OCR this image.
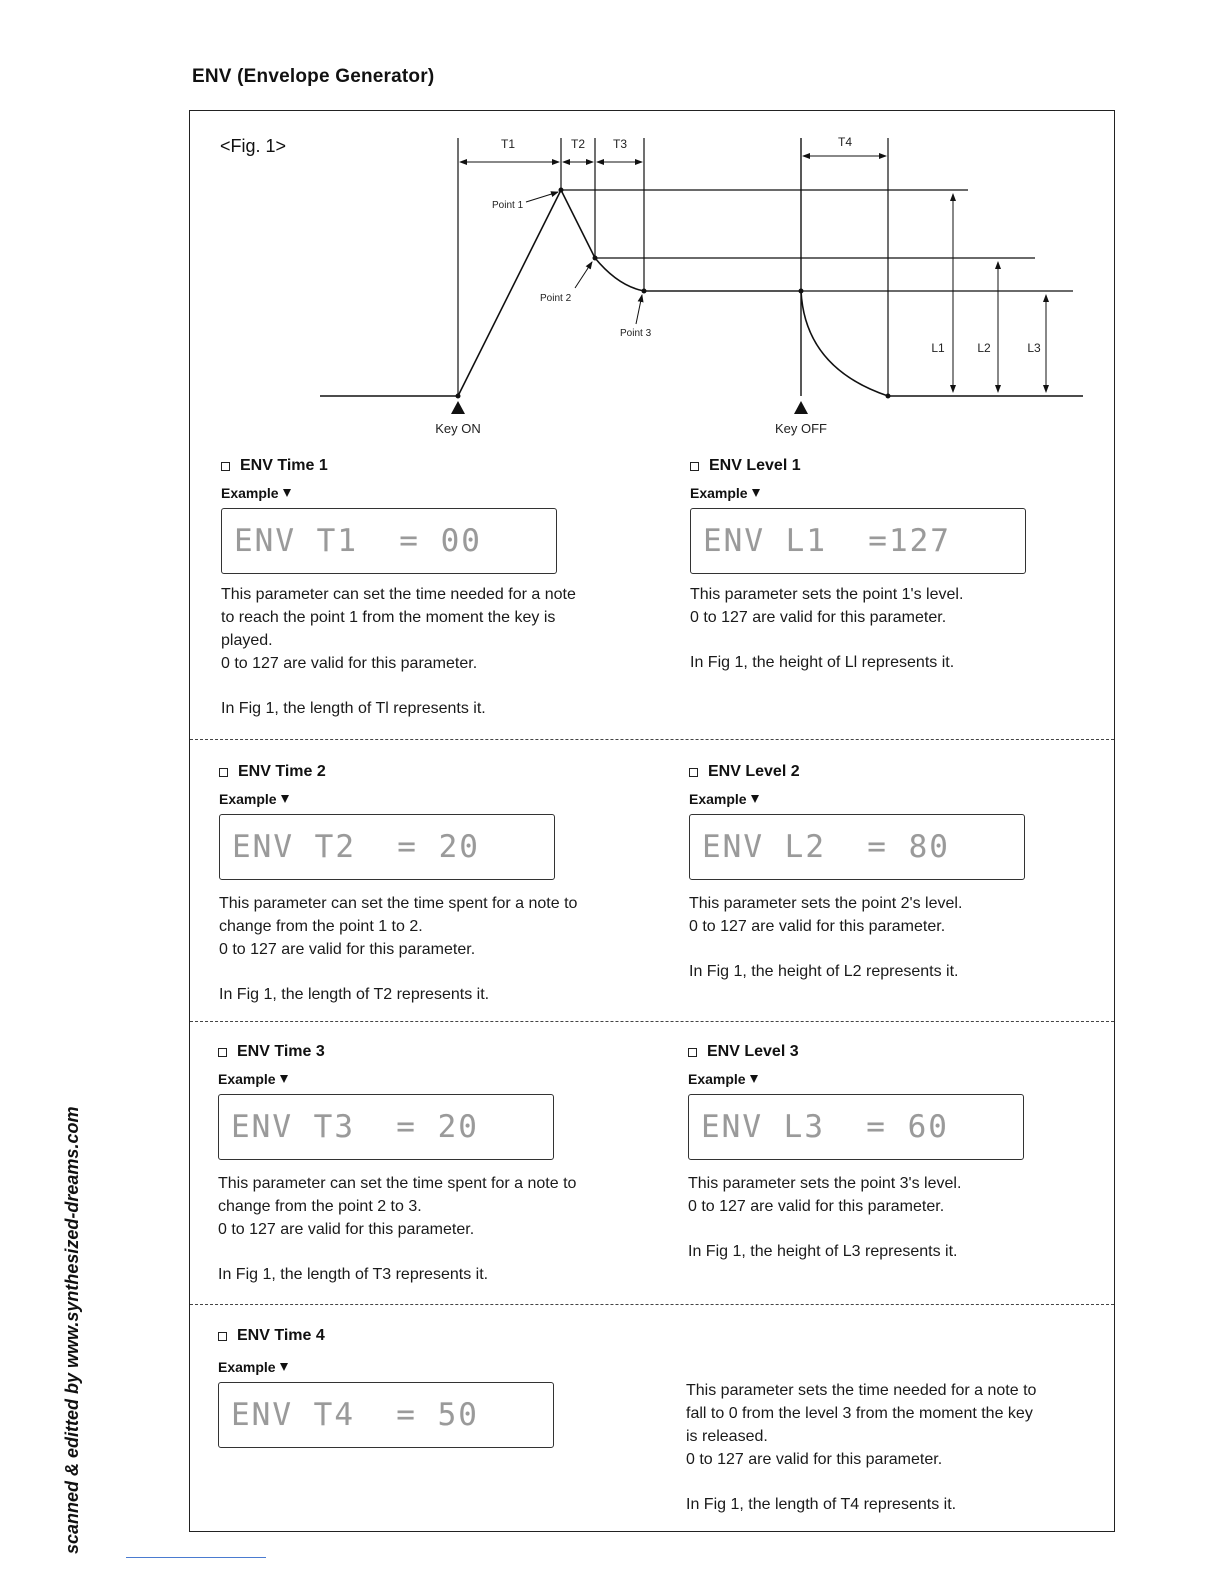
ENV (Envelope Generator)
<Fig. 1>	T1	T2 T3	T4
L1	L2	L3
Point 1
Point 2
Point 3
Key ON	Key OFF
ENV Time 1
Example
ENV T1  = 00

This parameter can set the time needed for a note

to reach the point 1 from the moment the key is

played.

0 to 127 are valid for this parameter.

In Fig 1, the length of Tl represents it.

ENV Level 1
Example
ENV L1  =127

This parameter sets the point 1's level.

0 to 127 are valid for this parameter.

In Fig 1, the height of Ll represents it.

ENV Time 2
Example
ENV T2  = 20

This parameter can set the time spent for a note to

change from the point 1 to 2.

0 to 127 are valid for this parameter.

In Fig 1, the length of T2 represents it.

ENV Level 2
Example
ENV L2  = 80

This parameter sets the point 2's level.

0 to 127 are valid for this parameter.

In Fig 1, the height of L2 represents it.

ENV Time 3
Example
ENV T3  = 20

This parameter can set the time spent for a note to

change from the point 2 to 3.

0 to 127 are valid for this parameter.

In Fig 1, the length of T3 represents it.

ENV Level 3
Example
ENV L3  = 60

This parameter sets the point 3's level.

0 to 127 are valid for this parameter.

In Fig 1, the height of L3 represents it.

ENV Time 4
Example
ENV T4  = 50

This parameter sets the time needed for a note to

fall to 0 from the level 3 from the moment the key

is released.

0 to 127 are valid for this parameter.

In Fig 1, the length of T4 represents it.

scanned & editted by www.synthesized-dreams.com
